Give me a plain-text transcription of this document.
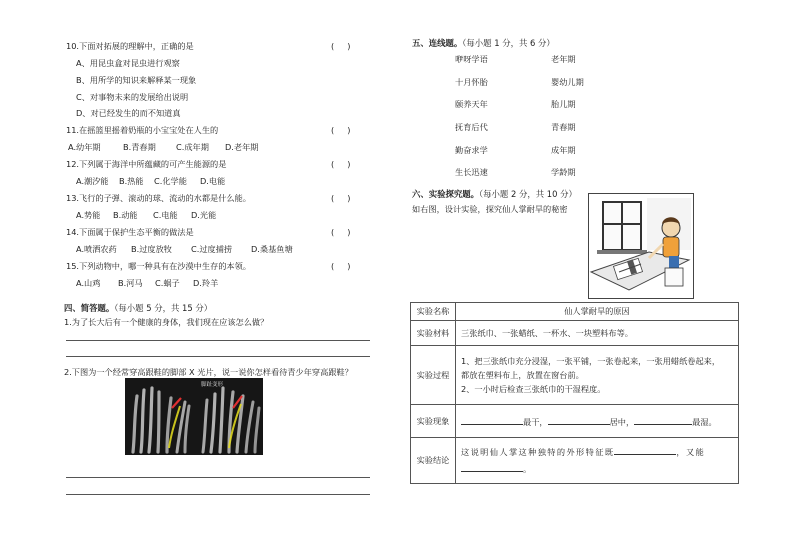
10.下面对拓展的理解中，正确的是	(     )
A、用昆虫盒对昆虫进行观察
B、用所学的知识来解释某一现象
C、对事物未来的发展给出说明
D、对已经发生的而不知道真
11.在摇篮里摇着奶瓶的小宝宝处在人生的	(     )
A.幼年期	B.青春期 C.成年期 D.老年期
12.下列属于海洋中所蕴藏的可产生能源的是	(     )
A.潮汐能 B.热能 C.化学能 D.电能
13.飞行的子弹、滚动的球、流动的水都是什么能。	(     )
A.势能 B.动能 C.电能 D.光能
14.下面属于保护生态平衡的做法是	(     )
A.喷洒农药 B.过度放牧 C.过度捕捞 D.桑基鱼塘
15.下列动物中，哪一种具有在沙漠中生存的本领。	(     )
A.山鸡 B.河马 C.蜗子 D.羚羊
四、简答题。（每小题 5 分，共 15 分）
1.为了长大后有一个健康的身体，我们现在应该怎么做？
2.下图为一个经常穿高跟鞋的脚部 X 光片，说一说你怎样看待青少年穿高跟鞋？
脚趾变形
五、连线题。（每小题 1 分，共 6 分）
咿呀学语
十月怀胎
颐养天年
抚育后代
勤奋求学
生长迅速
老年期
婴幼儿期
胎儿期
青春期
成年期
学龄期
六、实验探究题。（每小题 2 分，共 10 分）
如右图，设计实验，探究仙人掌耐旱的秘密
实验名称	仙人掌耐旱的原因
实验材料	三张纸巾、一张蜡纸、一杯水、一块塑料布等。
实验过程	1、把三张纸巾充分浸湿，一张平铺，一张卷起来，一张用蜡纸卷起来，
都放在塑料布上，放置在窗台前。
2、一小时后检查三张纸巾的干湿程度。

实验现象	最干， 居中， 最湿。
实验结论	这说明仙人掌这种独特的外形特征既 ，又能
。
